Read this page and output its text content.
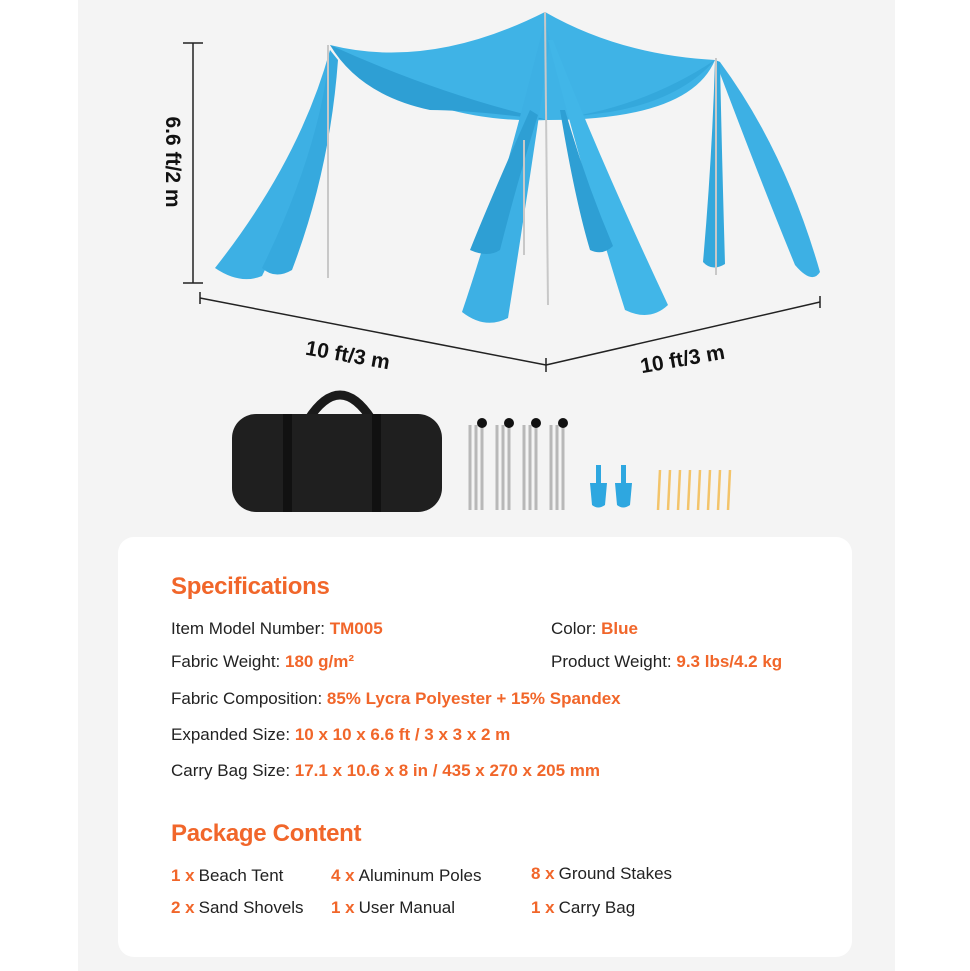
6.6 ft/2 m
10 ft/3 m	10 ft/3 m
Specifications
Item Model Number: TM005	Color: Blue
Fabric Weight: 180 g/m²	Product Weight: 9.3 lbs/4.2 kg
Fabric Composition: 85% Lycra Polyester + 15% Spandex
Expanded Size: 10 x 10 x 6.6 ft / 3 x 3 x 2 m
Carry Bag Size: 17.1 x 10.6 x 8 in / 435 x 270 x 205 mm
Package Content
1 x Beach Tent	4 x Aluminum Poles	8 x Ground Stakes
2 x Sand Shovels 1 x User Manual	1 x Carry Bag
